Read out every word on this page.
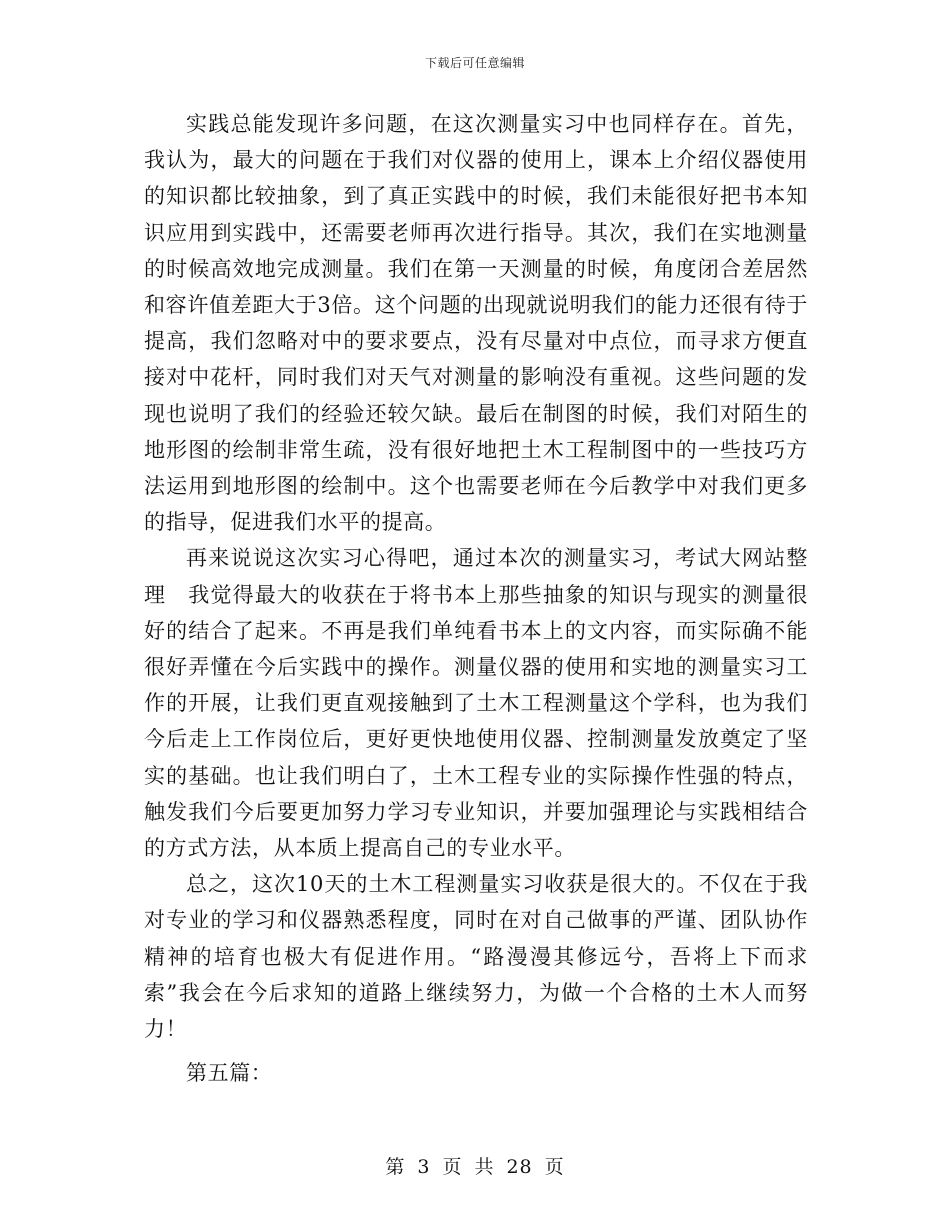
下载后可任意编辑

实践总能发现许多问题，在这次测量实习中也同样存在。首先，我认为，最大的问题在于我们对仪器的使用上，课本上介绍仪器使用的知识都比较抽象，到了真正实践中的时候，我们未能很好把书本知识应用到实践中，还需要老师再次进行指导。其次，我们在实地测量的时候高效地完成测量。我们在第一天测量的时候，角度闭合差居然和容许值差距大于3倍。这个问题的出现就说明我们的能力还很有待于提高，我们忽略对中的要求要点，没有尽量对中点位，而寻求方便直接对中花杆，同时我们对天气对测量的影响没有重视。这些问题的发现也说明了我们的经验还较欠缺。最后在制图的时候，我们对陌生的地形图的绘制非常生疏，没有很好地把土木工程制图中的一些技巧方法运用到地形图的绘制中。这个也需要老师在今后教学中对我们更多的指导，促进我们水平的提高。

再来说说这次实习心得吧，通过本次的测量实习，考试大网站整理　我觉得最大的收获在于将书本上那些抽象的知识与现实的测量很好的结合了起来。不再是我们单纯看书本上的文内容，而实际确不能很好弄懂在今后实践中的操作。测量仪器的使用和实地的测量实习工作的开展，让我们更直观接触到了土木工程测量这个学科，也为我们今后走上工作岗位后，更好更快地使用仪器、控制测量发放奠定了坚实的基础。也让我们明白了，土木工程专业的实际操作性强的特点，触发我们今后要更加努力学习专业知识，并要加强理论与实践相结合的方式方法，从本质上提高自己的专业水平。

总之，这次10天的土木工程测量实习收获是很大的。不仅在于我对专业的学习和仪器熟悉程度，同时在对自己做事的严谨、团队协作精神的培育也极大有促进作用。“路漫漫其修远兮，吾将上下而求索”我会在今后求知的道路上继续努力，为做一个合格的土木人而努力！

第五篇：

第 3 页 共 28 页
